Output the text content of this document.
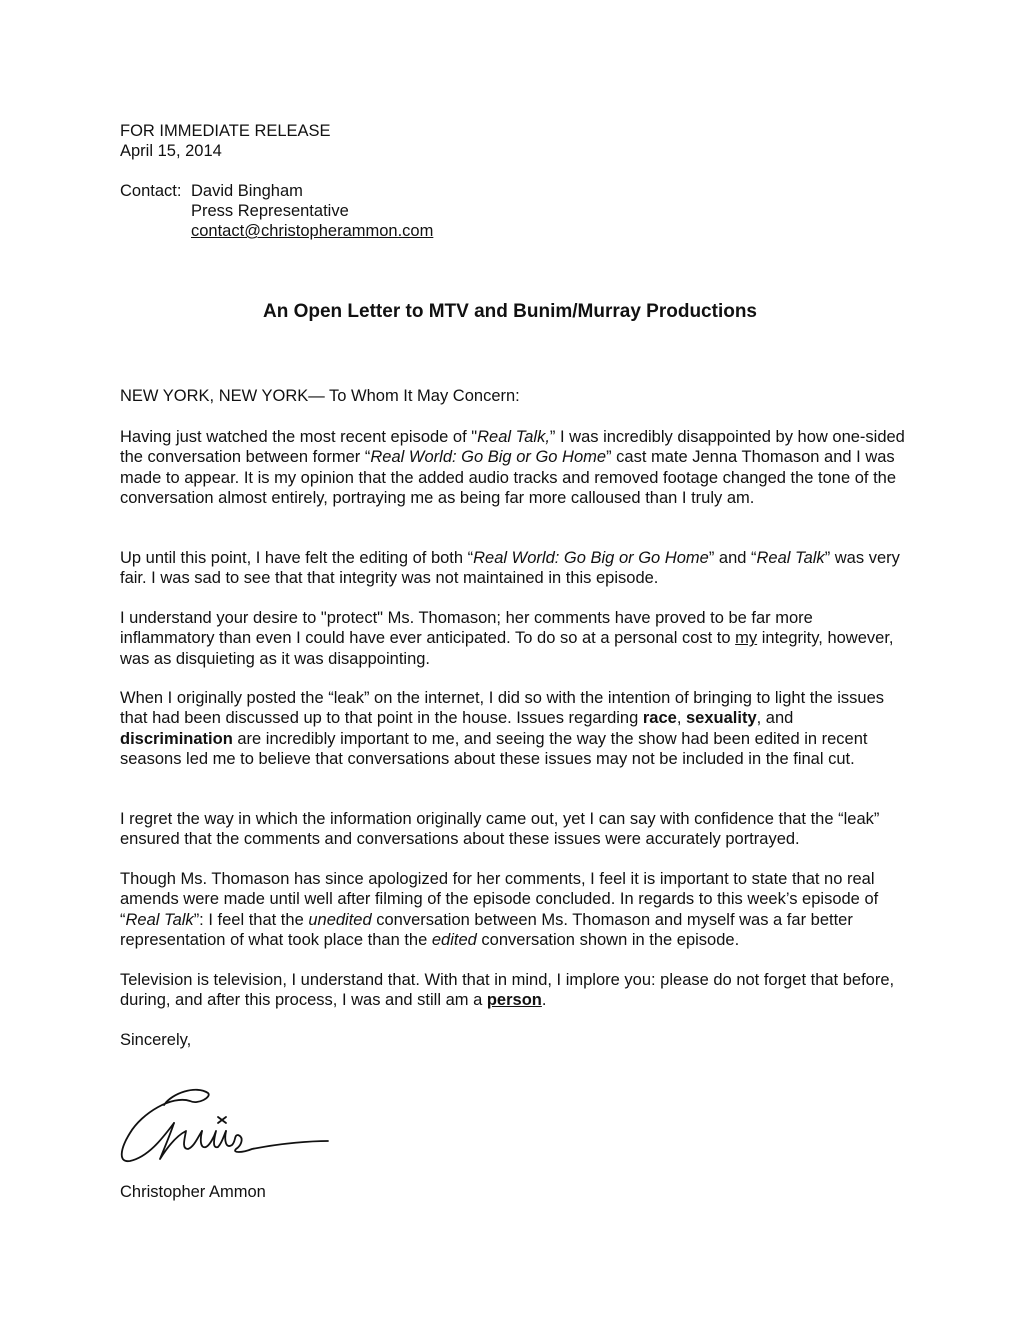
FOR IMMEDIATE RELEASE
April 15, 2014
Contact: David Bingham
Press Representative
contact@christopherammon.com
An Open Letter to MTV and Bunim/Murray Productions
NEW YORK, NEW YORK— To Whom It May Concern:
Having just watched the most recent episode of "Real Talk,” I was incredibly disappointed by how one-sided the conversation between former “Real World: Go Big or Go Home” cast mate Jenna Thomason and I was made to appear. It is my opinion that the added audio tracks and removed footage changed the tone of the conversation almost entirely, portraying me as being far more calloused than I truly am.
Up until this point, I have felt the editing of both “Real World: Go Big or Go Home” and “Real Talk” was very fair. I was sad to see that that integrity was not maintained in this episode.
I understand your desire to "protect" Ms. Thomason; her comments have proved to be far more inflammatory than even I could have ever anticipated. To do so at a personal cost to my integrity, however, was as disquieting as it was disappointing.
When I originally posted the “leak” on the internet, I did so with the intention of bringing to light the issues that had been discussed up to that point in the house. Issues regarding race, sexuality, and discrimination are incredibly important to me, and seeing the way the show had been edited in recent seasons led me to believe that conversations about these issues may not be included in the final cut.
I regret the way in which the information originally came out, yet I can say with confidence that the “leak” ensured that the comments and conversations about these issues were accurately portrayed.
Though Ms. Thomason has since apologized for her comments, I feel it is important to state that no real amends were made until well after filming of the episode concluded. In regards to this week’s episode of “Real Talk”: I feel that the unedited conversation between Ms. Thomason and myself was a far better representation of what took place than the edited conversation shown in the episode.
Television is television, I understand that. With that in mind, I implore you: please do not forget that before, during, and after this process, I was and still am a person.
Sincerely,
Christopher Ammon
